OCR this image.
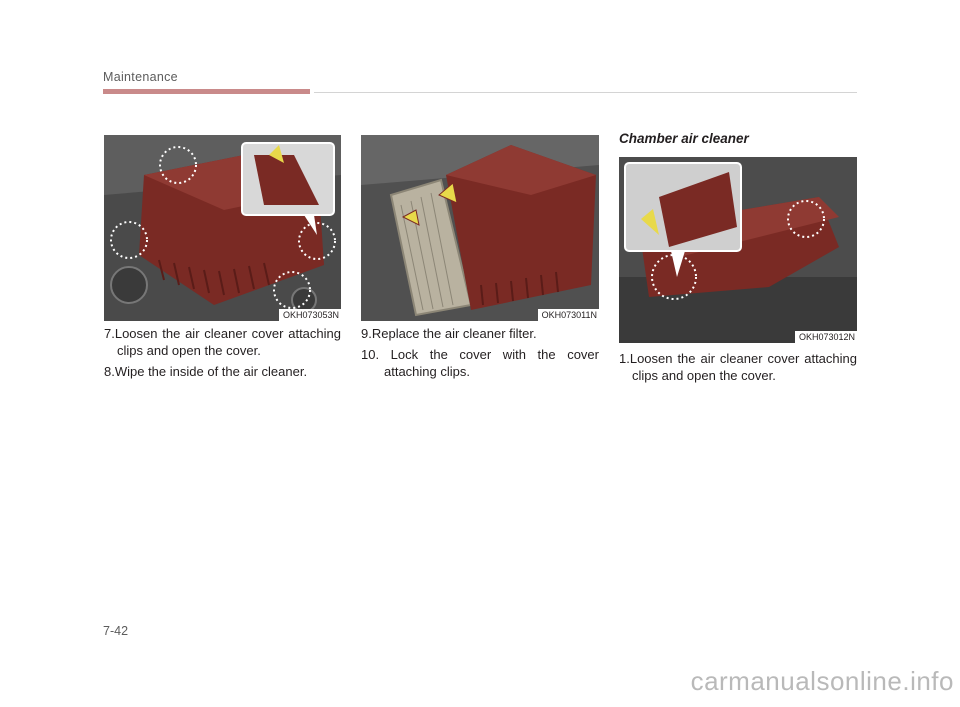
Maintenance
OKH073053N	OKH073011N
OKH073012N

7.Loosen the air cleaner cover attaching clips and open the cover.

8.Wipe the inside of the air cleaner.

9.Replace the air cleaner filter.

10. Lock the cover with the cover attaching clips.

Chamber air cleaner

1.Loosen the air cleaner cover attaching clips and open the cover.

7-42
carmanualsonline.info
